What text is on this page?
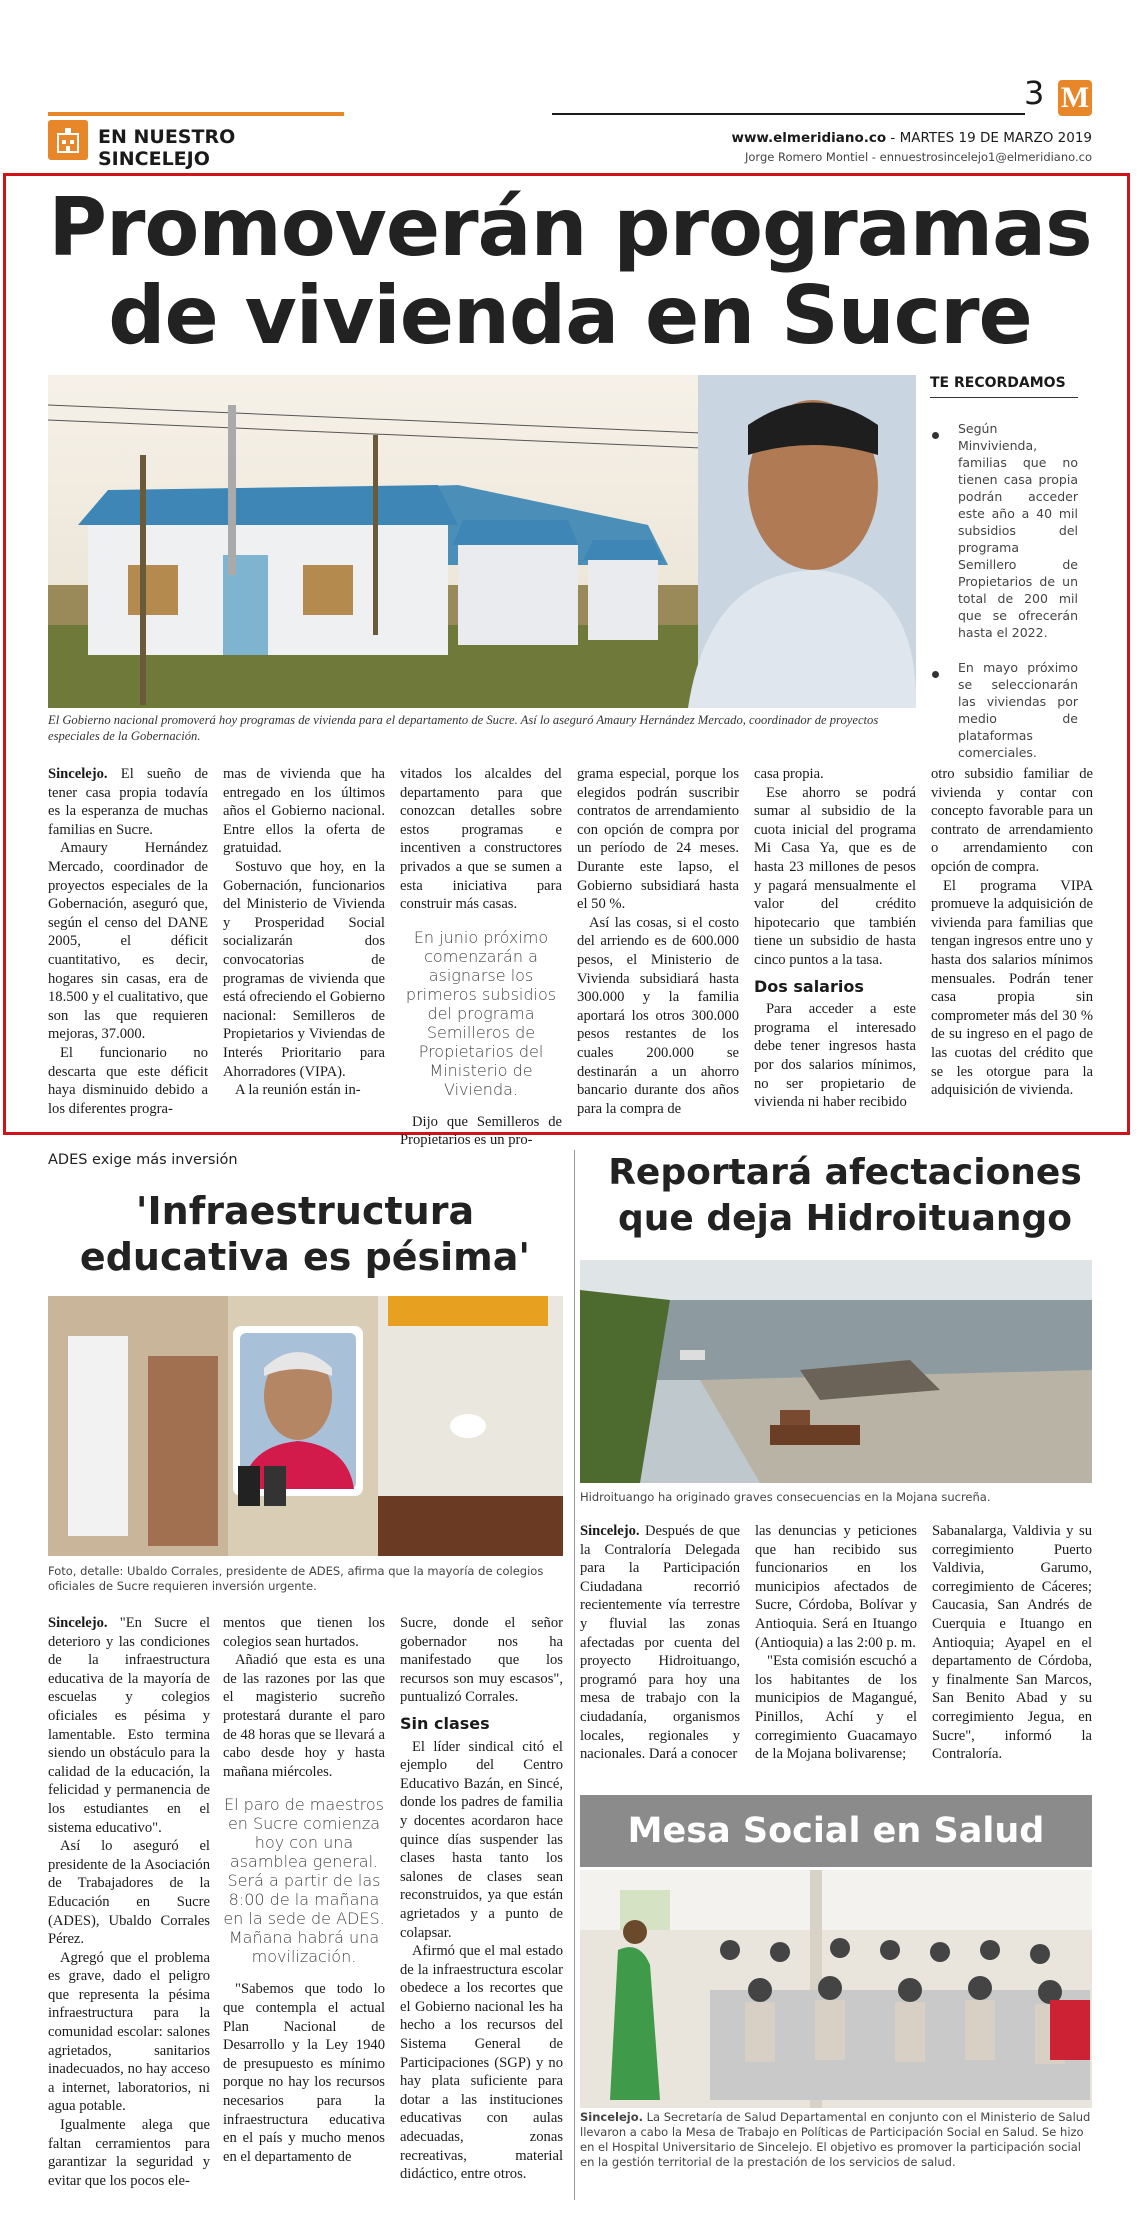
EN NUESTRO SINCELEJO
3 M
www.elmeridiano.co - MARTES 19 DE MARZO 2019
Jorge Romero Montiel - ennuestrosincelejo1@elmeridiano.co
Promoverán programas
de vivienda en Sucre
El Gobierno nacional promoverá hoy programas de vivienda para el departamento de Sucre. Así lo aseguró Amaury Hernández Mercado, coordinador de proyectos especiales de la Gobernación.
TE RECORDAMOS
Según Minvivienda, familias que no tienen casa propia podrán acceder este año a 40 mil subsidios del programa Semillero de Propietarios de un total de 200 mil que se ofrecerán hasta el 2022.
En mayo próximo se seleccionarán las viviendas por medio de plataformas comerciales.

Sincelejo. El sueño de tener casa propia todavía es la esperanza de muchas familias en Sucre.

Amaury Hernández Mercado, coordinador de proyectos especiales de la Gobernación, aseguró que, según el censo del DANE 2005, el déficit cuantitativo, es decir, hogares sin casas, era de 18.500 y el cualitativo, que son las que requieren mejoras, 37.000.

El funcionario no descarta que este déficit haya disminuido debido a los diferentes progra-

mas de vivienda que ha entregado en los últimos años el Gobierno nacional. Entre ellos la oferta de gratuidad.

Sostuvo que hoy, en la Gobernación, funcionarios del Ministerio de Vivienda y Prosperidad Social socializarán dos convocatorias de programas de vivienda que está ofreciendo el Gobierno nacional: Semilleros de Propietarios y Viviendas de Interés Prioritario para Ahorradores (VIPA).

A la reunión están in-

vitados los alcaldes del departamento para que conozcan detalles sobre estos programas e incentiven a constructores privados a que se sumen a esta iniciativa para construir más casas.

En junio próximo comenzarán a asignarse los primeros subsidios del programa Semilleros de Propietarios del Ministerio de Vivienda.

Dijo que Semilleros de Propietarios es un pro-

grama especial, porque los elegidos podrán suscribir contratos de arrendamiento con opción de compra por un período de 24 meses. Durante este lapso, el Gobierno subsidiará hasta el 50 %.

Así las cosas, si el costo del arriendo es de 600.000 pesos, el Ministerio de Vivienda subsidiará hasta 300.000 y la familia aportará los otros 300.000 pesos restantes de los cuales 200.000 se destinarán a un ahorro bancario durante dos años para la compra de

casa propia.

Ese ahorro se podrá sumar al subsidio de la cuota inicial del programa Mi Casa Ya, que es de hasta 23 millones de pesos y pagará mensualmente el valor del crédito hipotecario que también tiene un subsidio de hasta cinco puntos a la tasa.

Dos salarios

Para acceder a este programa el interesado debe tener ingresos hasta por dos salarios mínimos, no ser propietario de vivienda ni haber recibido

otro subsidio familiar de vivienda y contar con concepto favorable para un contrato de arrendamiento o arrendamiento con opción de compra.

El programa VIPA promueve la adquisición de vivienda para familias que tengan ingresos entre uno y hasta dos salarios mínimos mensuales. Podrán tener casa propia sin comprometer más del 30 % de su ingreso en el pago de las cuotas del crédito que se les otorgue para la adquisición de vivienda.

ADES exige más inversión
'Infraestructura
educativa es pésima'
Foto, detalle: Ubaldo Corrales, presidente de ADES, afirma que la mayoría de colegios oficiales de Sucre requieren inversión urgente.

Sincelejo. "En Sucre el deterioro y las condiciones de la infraestructura educativa de la mayoría de escuelas y colegios oficiales es pésima y lamentable. Esto termina siendo un obstáculo para la calidad de la educación, la felicidad y permanencia de los estudiantes en el sistema educativo".

Así lo aseguró el presidente de la Asociación de Trabajadores de la Educación en Sucre (ADES), Ubaldo Corrales Pérez.

Agregó que el problema es grave, dado el peligro que representa la pésima infraestructura para la comunidad escolar: salones agrietados, sanitarios inadecuados, no hay acceso a internet, laboratorios, ni agua potable.

Igualmente alega que faltan cerramientos para garantizar la seguridad y evitar que los pocos ele-

mentos que tienen los colegios sean hurtados.

Añadió que esta es una de las razones por las que el magisterio sucreño protestará durante el paro de 48 horas que se llevará a cabo desde hoy y hasta mañana miércoles.

El paro de maestros en Sucre comienza hoy con una asamblea general. Será a partir de las 8:00 de la mañana en la sede de ADES. Mañana habrá una movilización.

"Sabemos que todo lo que contempla el actual Plan Nacional de Desarrollo y la Ley 1940 de presupuesto es mínimo porque no hay los recursos necesarios para la infraestructura educativa en el país y mucho menos en el departamento de

Sucre, donde el señor gobernador nos ha manifestado que los recursos son muy escasos", puntualizó Corrales.

Sin clases

El líder sindical citó el ejemplo del Centro Educativo Bazán, en Sincé, donde los padres de familia y docentes acordaron hace quince días suspender las clases hasta tanto los salones de clases sean reconstruidos, ya que están agrietados y a punto de colapsar.

Afirmó que el mal estado de la infraestructura escolar obedece a los recortes que el Gobierno nacional les ha hecho a los recursos del Sistema General de Participaciones (SGP) y no hay plata suficiente para dotar a las instituciones educativas con aulas adecuadas, zonas recreativas, material didáctico, entre otros.

Reportará afectaciones
que deja Hidroituango
Hidroituango ha originado graves consecuencias en la Mojana sucreña.

Sincelejo. Después de que la Contraloría Delegada para la Participación Ciudadana recorrió recientemente vía terrestre y fluvial las zonas afectadas por cuenta del proyecto Hidroituango, programó para hoy una mesa de trabajo con la ciudadanía, organismos locales, regionales y nacionales. Dará a conocer

las denuncias y peticiones que han recibido sus funcionarios en los municipios afectados de Sucre, Córdoba, Bolívar y Antioquia. Será en Ituango (Antioquia) a las 2:00 p. m.

"Esta comisión escuchó a los habitantes de los municipios de Magangué, Pinillos, Achí y el corregimiento Guacamayo de la Mojana bolivarense;

Sabanalarga, Valdivia y su corregimiento Puerto Valdivia, Garumo, corregimiento de Cáceres; Caucasia, San Andrés de Cuerquia e Ituango en Antioquia; Ayapel en el departamento de Córdoba, y finalmente San Marcos, San Benito Abad y su corregimiento Jegua, en Sucre", informó la Contraloría.

Mesa Social en Salud
Sincelejo. La Secretaría de Salud Departamental en conjunto con el Ministerio de Salud llevaron a cabo la Mesa de Trabajo en Políticas de Participación Social en Salud. Se hizo en el Hospital Universitario de Sincelejo. El objetivo es promover la participación social en la gestión territorial de la prestación de los servicios de salud.
